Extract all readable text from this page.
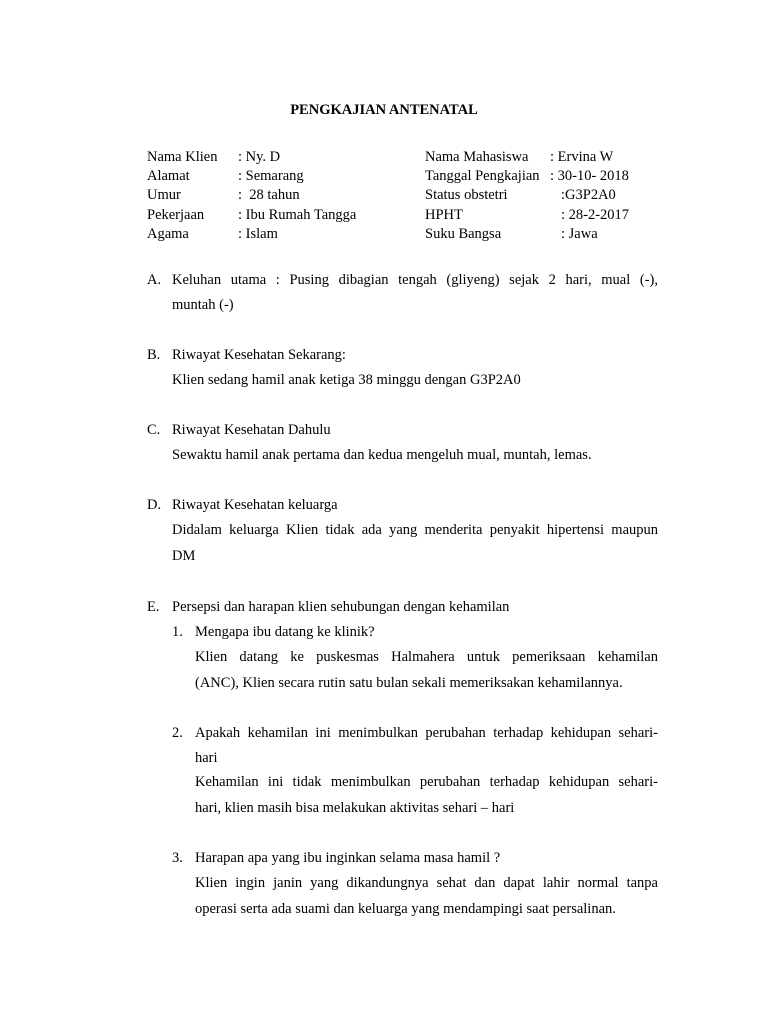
PENGKAJIAN ANTENATAL
Nama Klien : Ny. D
Alamat	: Semarang
Umur	:  28 tahun
Pekerjaan : Ibu Rumah Tangga
Agama	: Islam
Nama Mahasiswa : Ervina W
Tanggal Pengkajian : 30-10- 2018
Status obstetri	:G3P2A0
HPHT	: 28-2-2017
Suku Bangsa	: Jawa
A. Keluhan utama : Pusing dibagian tengah (gliyeng) sejak 2 hari, mual (-),
muntah (-)
B. Riwayat Kesehatan Sekarang:
Klien sedang hamil anak ketiga 38 minggu dengan G3P2A0
C. Riwayat Kesehatan Dahulu
Sewaktu hamil anak pertama dan kedua mengeluh mual, muntah, lemas.
D. Riwayat Kesehatan keluarga
Didalam keluarga Klien tidak ada yang menderita penyakit hipertensi maupun
DM
E. Persepsi dan harapan klien sehubungan dengan kehamilan
1. Mengapa ibu datang ke klinik?
Klien datang ke puskesmas Halmahera untuk pemeriksaan kehamilan
(ANC), Klien secara rutin satu bulan sekali memeriksakan kehamilannya.
2. Apakah kehamilan ini menimbulkan perubahan terhadap kehidupan sehari-
hari
Kehamilan ini tidak menimbulkan perubahan terhadap kehidupan sehari-
hari, klien masih bisa melakukan aktivitas sehari – hari
3. Harapan apa yang ibu inginkan selama masa hamil ?
Klien ingin janin yang dikandungnya sehat dan dapat lahir normal tanpa
operasi serta ada suami dan keluarga yang mendampingi saat persalinan.
